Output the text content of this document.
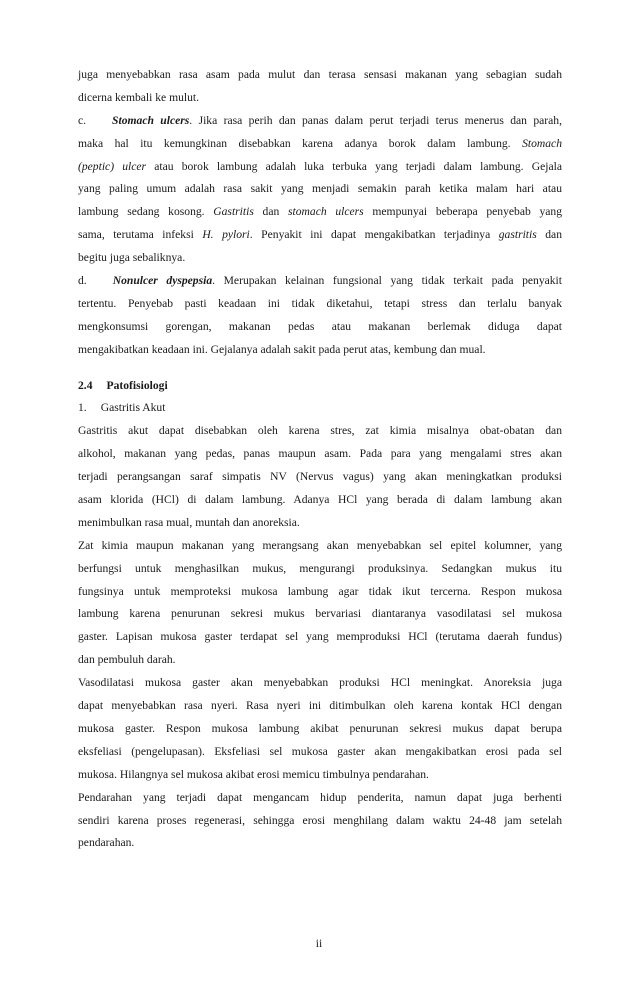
juga menyebabkan rasa asam pada mulut dan terasa sensasi makanan yang sebagian sudah
dicerna kembali ke mulut.
c. Stomach ulcers. Jika rasa perih dan panas dalam perut terjadi terus menerus dan parah,
maka hal itu kemungkinan disebabkan karena adanya borok dalam lambung. Stomach
(peptic) ulcer atau borok lambung adalah luka terbuka yang terjadi dalam lambung. Gejala
yang paling umum adalah rasa sakit yang menjadi semakin parah ketika malam hari atau
lambung sedang kosong. Gastritis dan stomach ulcers mempunyai beberapa penyebab yang
sama, terutama infeksi H. pylori. Penyakit ini dapat mengakibatkan terjadinya gastritis dan
begitu juga sebaliknya.
d. Nonulcer dyspepsia. Merupakan kelainan fungsional yang tidak terkait pada penyakit
tertentu. Penyebab pasti keadaan ini tidak diketahui, tetapi stress dan terlalu banyak
mengkonsumsi gorengan, makanan pedas atau makanan berlemak diduga dapat
mengakibatkan keadaan ini. Gejalanya adalah sakit pada perut atas, kembung dan mual.
2.4 Patofisiologi
1. Gastritis Akut
Gastritis akut dapat disebabkan oleh karena stres, zat kimia misalnya obat-obatan dan
alkohol, makanan yang pedas, panas maupun asam. Pada para yang mengalami stres akan
terjadi perangsangan saraf simpatis NV (Nervus vagus) yang akan meningkatkan produksi
asam klorida (HCl) di dalam lambung. Adanya HCl yang berada di dalam lambung akan
menimbulkan rasa mual, muntah dan anoreksia.
Zat kimia maupun makanan yang merangsang akan menyebabkan sel epitel kolumner, yang
berfungsi untuk menghasilkan mukus, mengurangi produksinya. Sedangkan mukus itu
fungsinya untuk memproteksi mukosa lambung agar tidak ikut tercerna. Respon mukosa
lambung karena penurunan sekresi mukus bervariasi diantaranya vasodilatasi sel mukosa
gaster. Lapisan mukosa gaster terdapat sel yang memproduksi HCl (terutama daerah fundus)
dan pembuluh darah.
Vasodilatasi mukosa gaster akan menyebabkan produksi HCl meningkat. Anoreksia juga
dapat menyebabkan rasa nyeri. Rasa nyeri ini ditimbulkan oleh karena kontak HCl dengan
mukosa gaster. Respon mukosa lambung akibat penurunan sekresi mukus dapat berupa
eksfeliasi (pengelupasan). Eksfeliasi sel mukosa gaster akan mengakibatkan erosi pada sel
mukosa. Hilangnya sel mukosa akibat erosi memicu timbulnya pendarahan.
Pendarahan yang terjadi dapat mengancam hidup penderita, namun dapat juga berhenti
sendiri karena proses regenerasi, sehingga erosi menghilang dalam waktu 24-48 jam setelah
pendarahan.
ii
